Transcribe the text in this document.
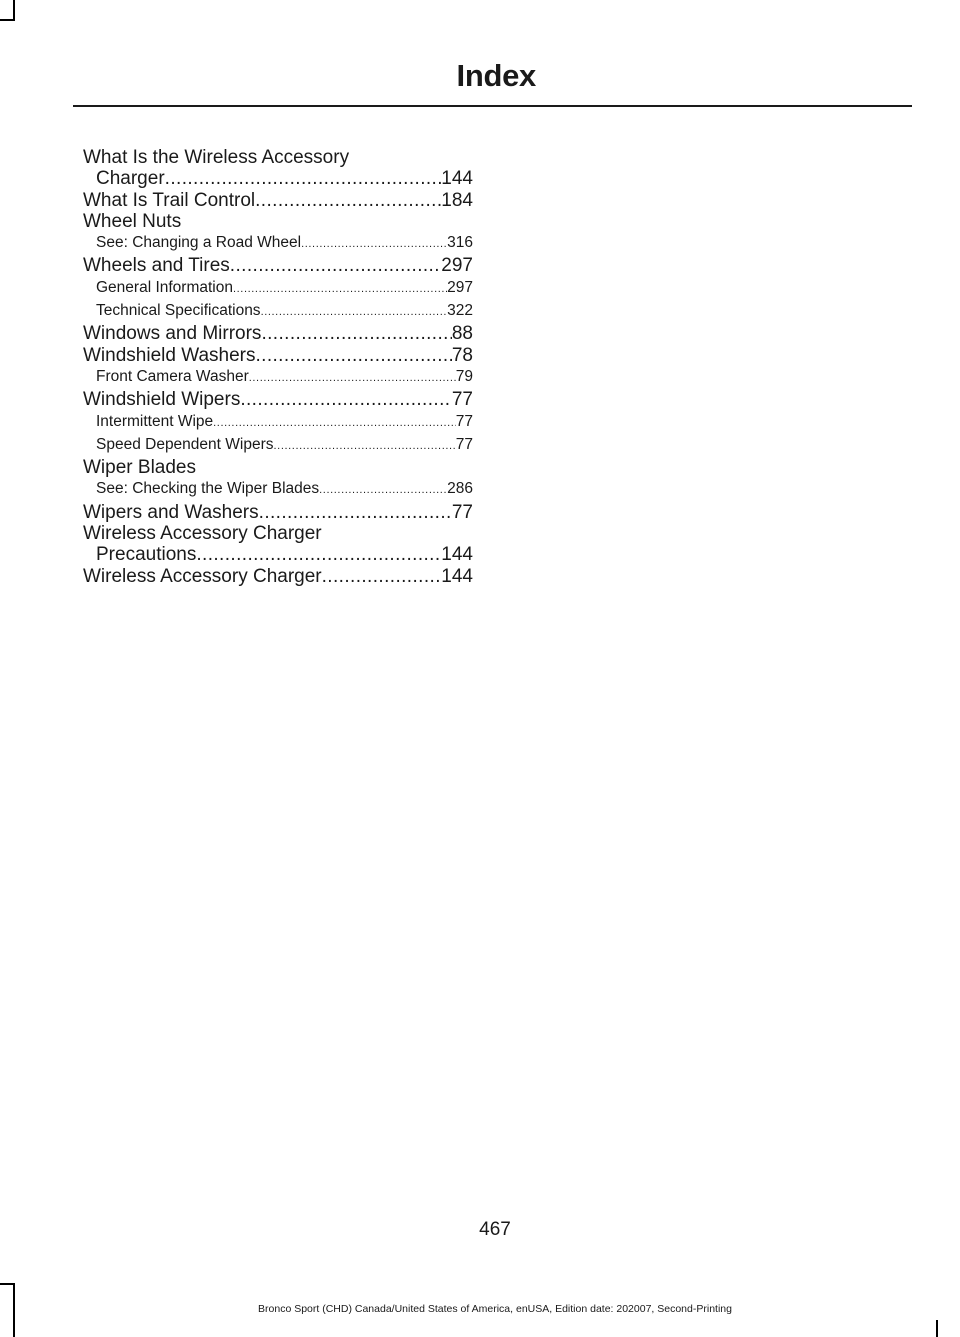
Index
What Is the Wireless Accessory
Charger .....	144
What Is Trail Control .....	184
Wheel Nuts
See: Changing a Road Wheel .....	316
Wheels and Tires .....	297
General Information .....	297
Technical Specifications .....	322
Windows and Mirrors .....	88
Windshield Washers .....	78
Front Camera Washer .....	79
Windshield Wipers .....	77
Intermittent Wipe .....	77
Speed Dependent Wipers .....	77
Wiper Blades
See: Checking the Wiper Blades .....	286
Wipers and Washers .....	77
Wireless Accessory Charger
Precautions .....	144
Wireless Accessory Charger .....	144
467
Bronco Sport (CHD) Canada/United States of America, enUSA, Edition date: 202007, Second-Printing
